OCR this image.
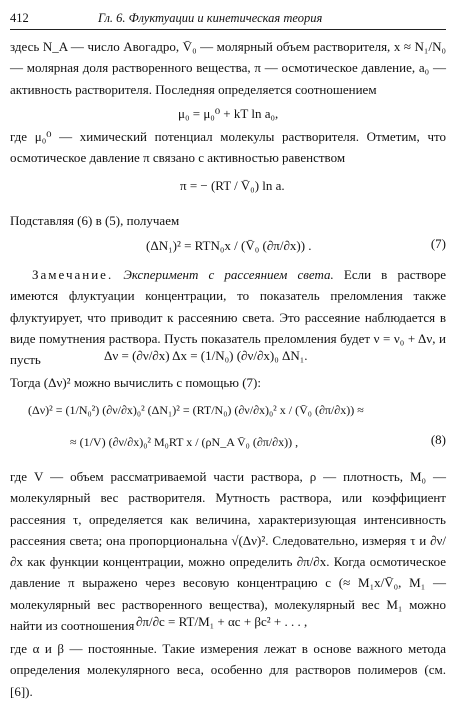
412	Гл. 6. Флуктуации и кинетическая теория
здесь N_A — число Авогадро, V̄₀ — молярный объем растворителя, x ≈ N₁/N₀ — молярная доля растворенного вещества, π — осмотическое давление, a₀ — активность растворителя. Последняя определяется соотношением
μ₀ = μ₀⁰ + kT ln a₀,
где μ₀⁰ — химический потенциал молекулы растворителя. Отметим, что осмотическое давление π связано с активностью равенством
π = − (RT / V̄₀) ln a.
Подставляя (6) в (5), получаем
(ΔN₁)² = RTN₀x / (V̄₀ (∂π/∂x)) .	(7)
Замечание. Эксперимент с рассеянием света. Если в растворе имеются флуктуации концентрации, то показатель преломления также флуктуирует, что приводит к рассеянию света. Это рассеяние наблюдается в виде помутнения раствора. Пусть показатель преломления будет ν = ν₀ + Δν, и пусть	Δν = (∂ν/∂x) Δx = (1/N₀) (∂ν/∂x)₀ ΔN₁.
Тогда (Δν)² можно вычислить с помощью (7):
(Δν)² = (1/N₀²) (∂ν/∂x)₀² (ΔN₁)² = (RT/N₀) (∂ν/∂x)₀² x / (V̄₀ (∂π/∂x)) ≈
≈ (1/V) (∂ν/∂x)₀² M₀RT x / (ρN_A V̄₀ (∂π/∂x)) ,	(8)
где V — объем рассматриваемой части раствора, ρ — плотность, M₀ — молекулярный вес растворителя. Мутность раствора, или коэффициент рассеяния τ, определяется как величина, характеризующая интенсивность рассеяния света; она пропорциональна √(Δν)². Следовательно, измеряя τ и ∂ν/∂x как функции концентрации, можно определить ∂π/∂x. Когда осмотическое давление π выражено через весовую концентрацию c (≈ M₁x/V̄₀, M₁ — молекулярный вес растворенного вещества), молекулярный вес M₁ можно найти из соотношения ∂π/∂c = RT/M₁ + αc + βc² + . . . ,
где α и β — постоянные. Такие измерения лежат в основе важного метода определения молекулярного веса, особенно для растворов полимеров (см. [6]).
